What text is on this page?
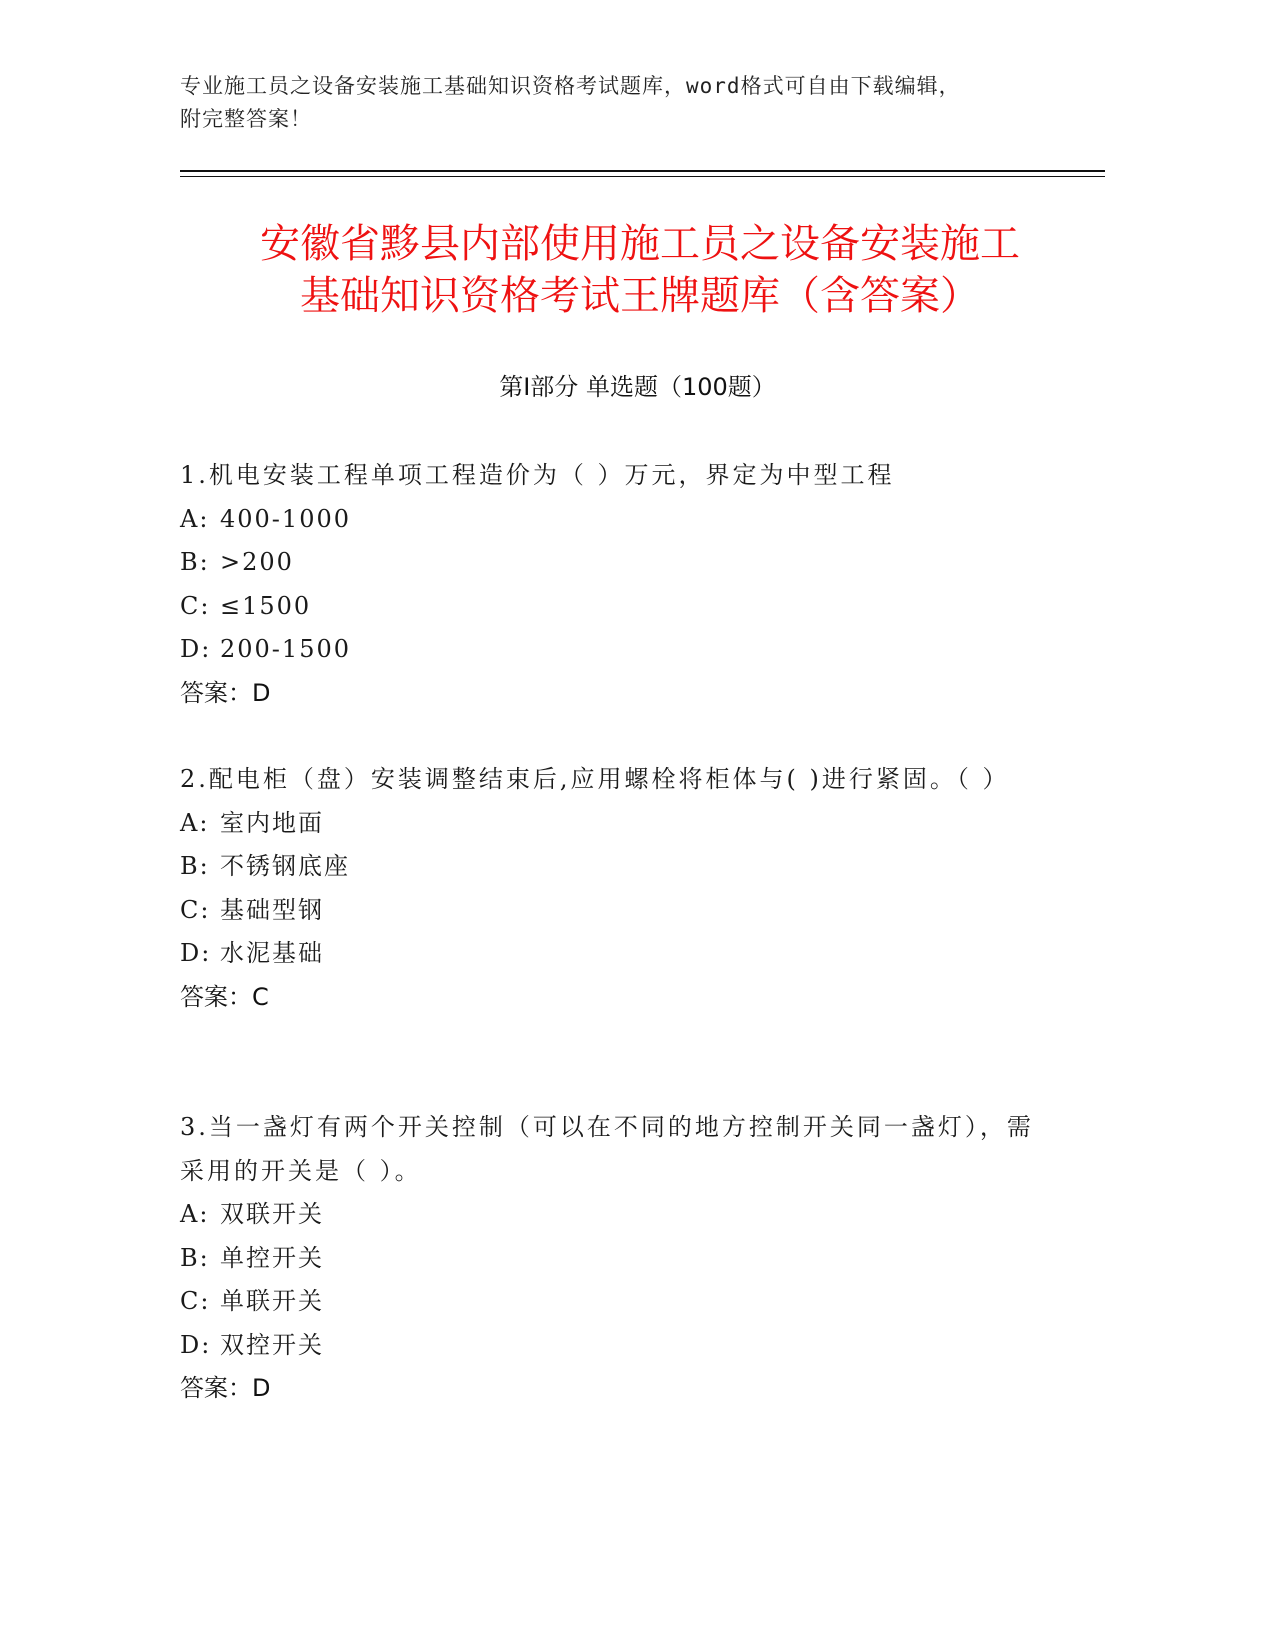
专业施工员之设备安装施工基础知识资格考试题库，word格式可自由下载编辑，
附完整答案！
安徽省黟县内部使用施工员之设备安装施工
基础知识资格考试王牌题库（含答案）
第Ⅰ部分 单选题（100题）
1.机电安装工程单项工程造价为（ ）万元，界定为中型工程
A: 400-1000
B: >200
C: ≤1500
D: 200-1500
答案：D
2.配电柜（盘）安装调整结束后,应用螺栓将柜体与( )进行紧固。（ ）
A: 室内地面
B: 不锈钢底座
C: 基础型钢
D: 水泥基础
答案：C
3.当一盏灯有两个开关控制（可以在不同的地方控制开关同一盏灯），需采用的开关是（ ）。
A: 双联开关
B: 单控开关
C: 单联开关
D: 双控开关
答案：D
